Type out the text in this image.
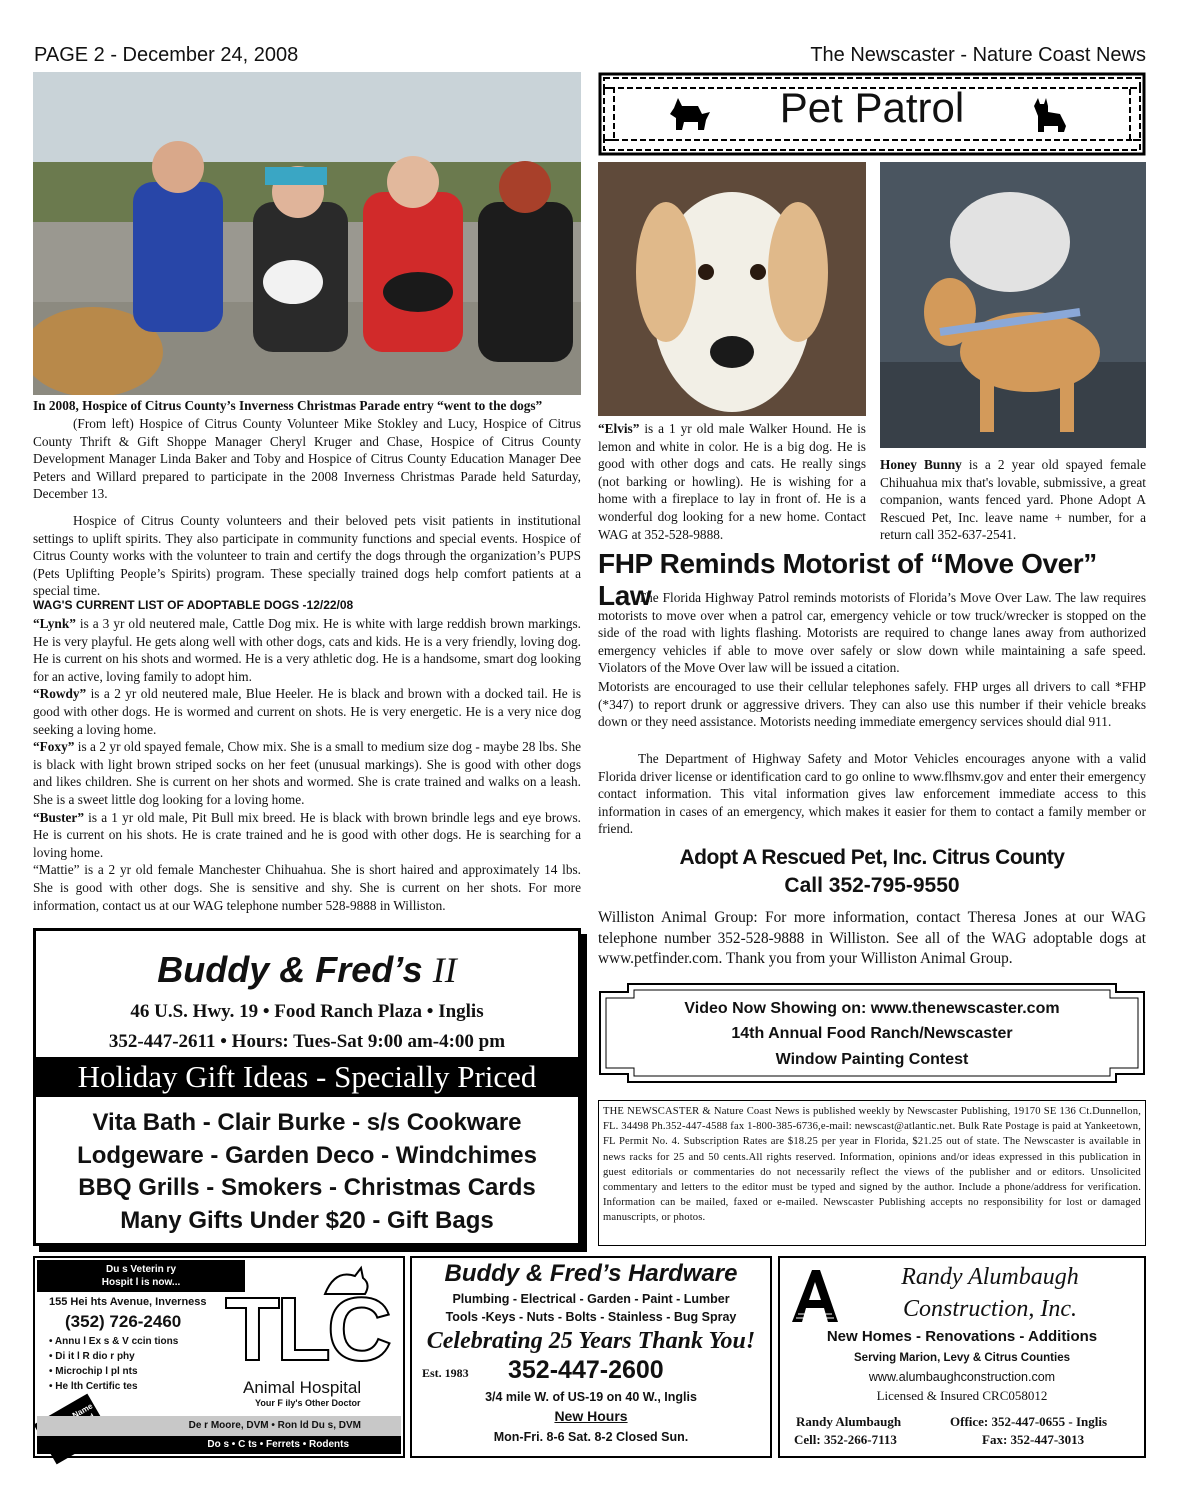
PAGE 2 - December 24, 2008	The Newscaster - Nature Coast News
In 2008, Hospice of Citrus County’s Inverness Christmas Parade entry “went to the dogs”

(From left) Hospice of Citrus County Volunteer Mike Stokley and Lucy, Hospice of Citrus County Thrift & Gift Shoppe Manager Cheryl Kruger and Chase, Hospice of Citrus County Development Manager Linda Baker and Toby and Hospice of Citrus County Education Manager Dee Peters and Willard prepared to participate in the 2008 Inverness Christmas Parade held Saturday, December 13.

Hospice of Citrus County volunteers and their beloved pets visit patients in institutional settings to uplift spirits. They also participate in community functions and special events. Hospice of Citrus County works with the volunteer to train and certify the dogs through the organization’s PUPS (Pets Uplifting People’s Spirits) program. These specially trained dogs help comfort patients at a special time.

WAG'S CURRENT LIST OF ADOPTABLE DOGS -12/22/08

“Lynk” is a 3 yr old neutered male, Cattle Dog mix. He is white with large reddish brown markings. He is very playful. He gets along well with other dogs, cats and kids. He is a very friendly, loving dog. He is current on his shots and wormed. He is a very athletic dog. He is a handsome, smart dog looking for an active, loving family to adopt him.

“Rowdy” is a 2 yr old neutered male, Blue Heeler. He is black and brown with a docked tail. He is good with other dogs. He is wormed and current on shots. He is very energetic. He is a very nice dog seeking a loving home.

“Foxy” is a 2 yr old spayed female, Chow mix. She is a small to medium size dog - maybe 28 lbs. She is black with light brown striped socks on her feet (unusual markings). She is good with other dogs and likes children. She is current on her shots and wormed. She is crate trained and walks on a leash. She is a sweet little dog looking for a loving home.

“Buster” is a 1 yr old male, Pit Bull mix breed. He is black with brown brindle legs and eye brows. He is current on his shots. He is crate trained and he is good with other dogs. He is searching for a loving home.

“Mattie” is a 2 yr old female Manchester Chihuahua. She is short haired and approximately 14 lbs. She is good with other dogs. She is sensitive and shy. She is current on her shots. For more information, contact us at our WAG telephone number 528-9888 in Williston.

Buddy & Fred’s II
46 U.S. Hwy. 19 • Food Ranch Plaza • Inglis
352-447-2611 • Hours: Tues-Sat 9:00 am-4:00 pm
Holiday Gift Ideas - Specially Priced
Vita Bath - Clair Burke - s/s Cookware
Lodgeware - Garden Deco - Windchimes
BBQ Grills - Smokers - Christmas Cards
Many Gifts Under $20 - Gift Bags
Pet Patrol

“Elvis” is a 1 yr old male Walker Hound. He is lemon and white in color. He is a big dog. He is good with other dogs and cats. He really sings (not barking or howling). He is wishing for a home with a fireplace to lay in front of. He is a wonderful dog looking for a new home. Contact WAG at 352-528-9888.

Honey Bunny is a 2 year old spayed female Chihuahua mix that's lovable, submissive, a great companion, wants fenced yard. Phone Adopt A Rescued Pet, Inc. leave name + number, for a return call 352-637-2541.

FHP Reminds Motorist of “Move Over” Law

The Florida Highway Patrol reminds motorists of Florida’s Move Over Law. The law requires motorists to move over when a patrol car, emergency vehicle or tow truck/wrecker is stopped on the side of the road with lights flashing. Motorists are required to change lanes away from authorized emergency vehicles if able to move over safely or slow down while maintaining a safe speed. Violators of the Move Over law will be issued a citation.

Motorists are encouraged to use their cellular telephones safely. FHP urges all drivers to call *FHP (*347) to report drunk or aggressive drivers. They can also use this number if their vehicle breaks down or they need assistance. Motorists needing immediate emergency services should dial 911.

The Department of Highway Safety and Motor Vehicles encourages anyone with a valid Florida driver license or identification card to go online to www.flhsmv.gov and enter their emergency contact information. This vital information gives law enforcement immediate access to this information in cases of an emergency, which makes it easier for them to contact a family member or friend.

Adopt A Rescued Pet, Inc. Citrus County
Call 352-795-9550

Williston Animal Group: For more information, contact Theresa Jones at our WAG telephone number 352-528-9888 in Williston. See all of the WAG adoptable dogs at www.petfinder.com. Thank you from your Williston Animal Group.

Video Now Showing on: www.thenewscaster.com
14th Annual Food Ranch/Newscaster
Window Painting Contest

THE NEWSCASTER & Nature Coast News is published weekly by Newscaster Publishing, 19170 SE 136 Ct.Dunnellon, FL. 34498 Ph.352-447-4588 fax 1-800-385-6736,e-mail: newscast@atlantic.net. Bulk Rate Postage is paid at Yankeetown, FL Permit No. 4. Subscription Rates are $18.25 per year in Florida, $21.25 out of state. The Newscaster is available in news racks for 25 and 50 cents.All rights reserved. Information, opinions and/or ideas expressed in this publication in guest editorials or commentaries do not necessarily reflect the views of the publisher and or editors. Unsolicited commentary and letters to the editor must be typed and signed by the author. Include a phone/address for verification. Information can be mailed, faxed or e-mailed. Newscaster Publishing accepts no responsibility for lost or damaged manuscripts, or photos.

Du s Veterin ry
Hospit l is now...
155 Hei hts Avenue, Inverness
(352) 726-2460
• Annu l Ex s & V ccin tions
• Di it l R dio r phy
• Microchip l pl nts
• He lth Certific tes
TLC
Animal Hospital
Your F ily's Other Doctor
De r Moore, DVM • Ron ld Du s, DVM
Do s • C ts • Ferrets • Rodents
Buddy & Fred’s Hardware
Plumbing - Electrical - Garden - Paint - Lumber
Tools -Keys - Nuts - Bolts - Stainless - Bug Spray
Celebrating 25 Years Thank You!
Est. 1983 352-447-2600
3/4 mile W. of US-19 on 40 W., Inglis
New Hours
Mon-Fri. 8-6 Sat. 8-2 Closed Sun.
Randy Alumbaugh
Construction, Inc.
New Homes - Renovations - Additions
Serving Marion, Levy & Citrus Counties
www.alumbaughconstruction.com
Licensed & Insured CRC058012
Randy Alumbaugh
Cell: 352-266-7113
Office: 352-447-0655 - Inglis
Fax: 352-447-3013
